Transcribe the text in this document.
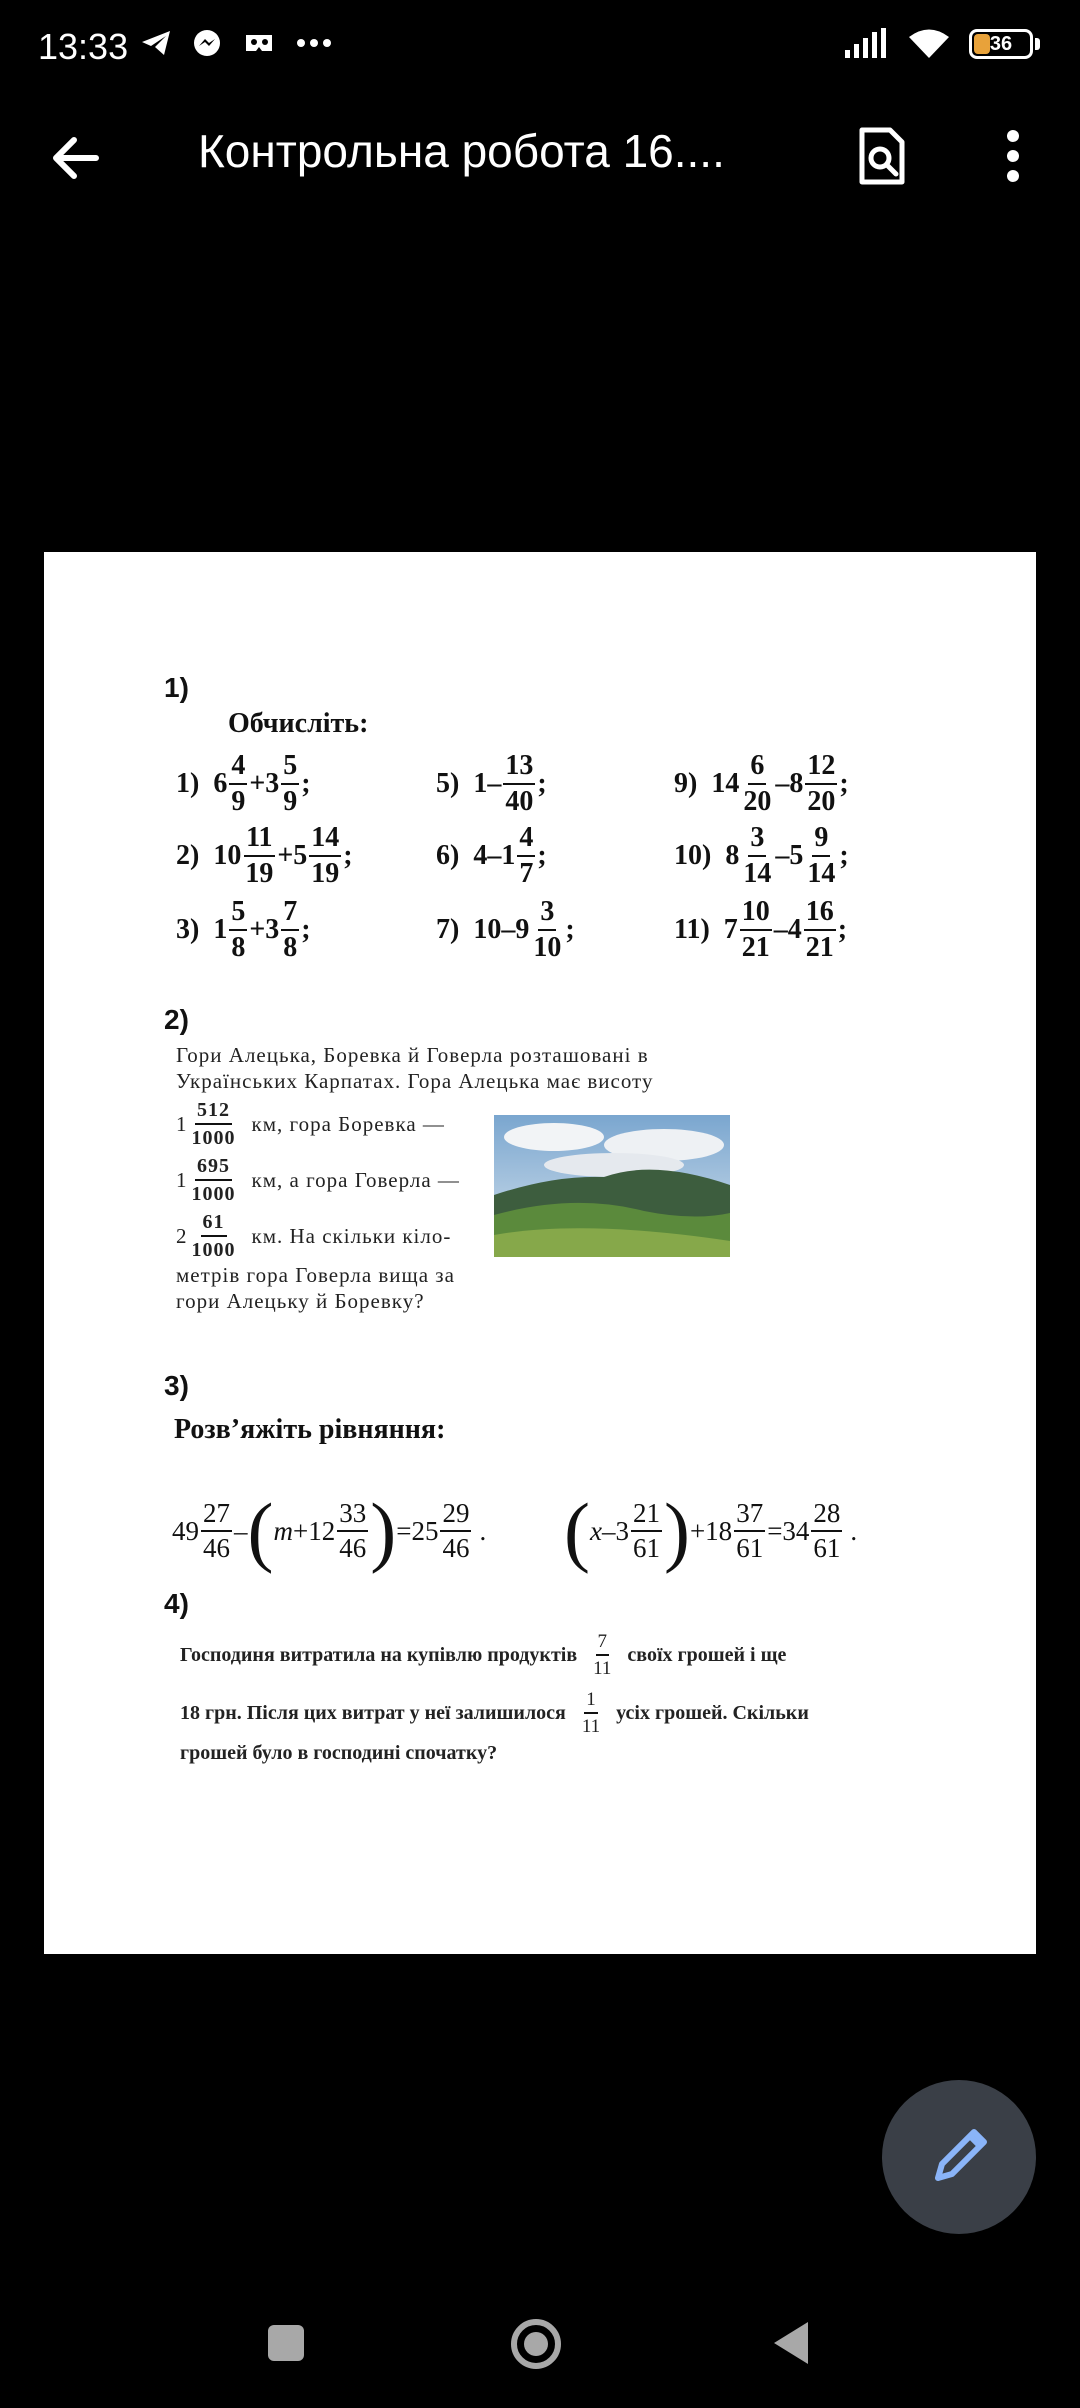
13:33	36
Контрольна робота 16....
1)
Обчисліть:
1) $6 \frac{4}{9} + 3 \frac{5}{9}$ ;
2) $10 \frac{11}{19} + 5 \frac{14}{19}$ ;
3) $1 \frac{5}{8} + 3 \frac{7}{8}$ ;
5) $1 - \frac{13}{40}$ ;
6) $4 - 1 \frac{4}{7}$ ;
7) $10 - 9 \frac{3}{10}$ ;
9) $14 \frac{6}{20} - 8 \frac{12}{20}$ ;
10) $8 \frac{3}{14} - 5 \frac{9}{14}$ ;
11) $7 \frac{10}{21} - 4 \frac{16}{21}$ ;
2)
Гори Алецька, Боревка й Говерла розташовані в
Українських Карпатах. Гора Алецька має висоту
$1 \frac{512}{1000}$ км, гора Боревка —
$1 \frac{695}{1000}$ км, а гора Говерла —
$2 \frac{61}{1000}$ км. На скільки кіло-
метрів гора Говерла вища за
гори Алецьку й Боревку?
3)
Розв’яжіть рівняння:
$49 \frac{27}{46}$ – ( $m +12 \frac{33}{46}$ ) = $25 \frac{29}{46}$ . ( x $-3 \frac{21}{61}$ ) $+18 \frac{37}{61} = 34 \frac{28}{61}$ .
4)
Господиня витратила на купівлю продуктів $\frac{7}{11}$ своїх грошей і ще
18 грн. Після цих витрат у неї залишилося $\frac{1}{11}$ усіх грошей. Скільки
грошей було в господині спочатку?
